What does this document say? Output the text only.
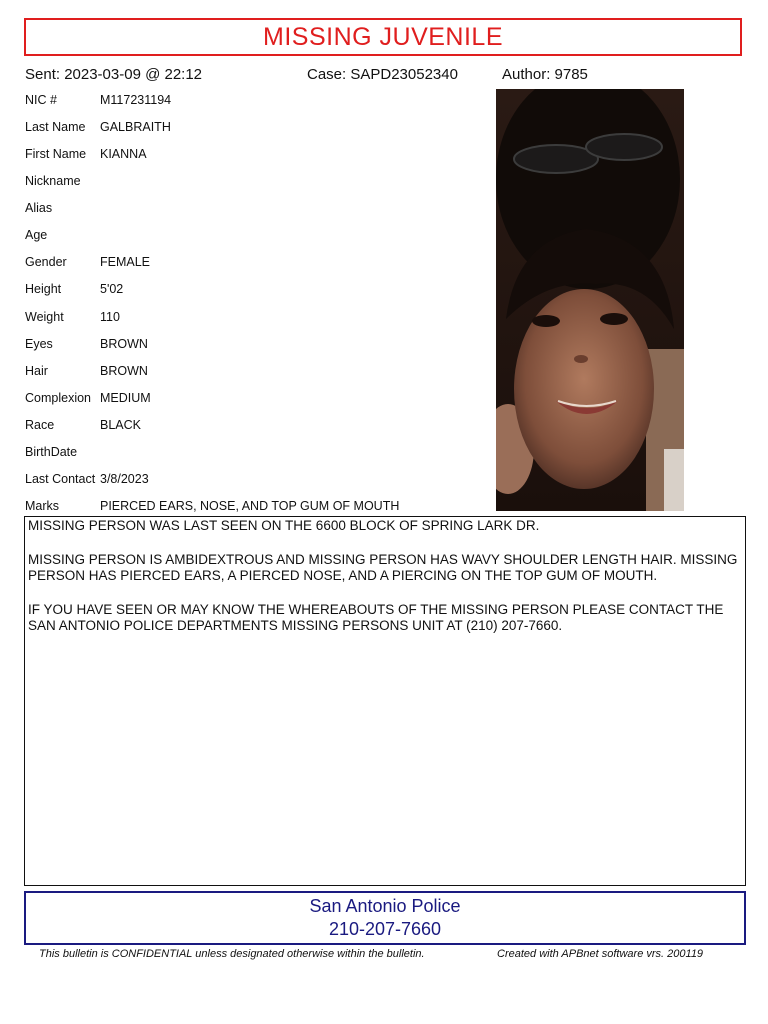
MISSING JUVENILE
Sent: 2023-03-09 @ 22:12	Case: SAPD23052340	Author: 9785
NIC #	M117231194
Last Name GALBRAITH
First Name KIANNA
Nickname
Alias
Age
Gender	FEMALE
Height	5'02
Weight	110
Eyes	BROWN
Hair	BROWN
Complexion MEDIUM
Race	BLACK
BirthDate
Last Contact 3/8/2023
Marks	PIERCED EARS, NOSE, AND TOP GUM OF MOUTH

MISSING PERSON WAS LAST SEEN ON THE 6600 BLOCK OF SPRING LARK DR.

MISSING PERSON IS AMBIDEXTROUS AND MISSING PERSON HAS WAVY SHOULDER LENGTH HAIR. MISSING PERSON HAS PIERCED EARS, A PIERCED NOSE, AND A PIERCING ON THE TOP GUM OF MOUTH.

IF YOU HAVE SEEN OR MAY KNOW THE WHEREABOUTS OF THE MISSING PERSON PLEASE CONTACT THE SAN ANTONIO POLICE DEPARTMENTS MISSING PERSONS UNIT AT (210) 207-7660.

San Antonio Police
210-207-7660
This bulletin is CONFIDENTIAL unless designated otherwise within the bulletin.	Created with APBnet software vrs. 200119
